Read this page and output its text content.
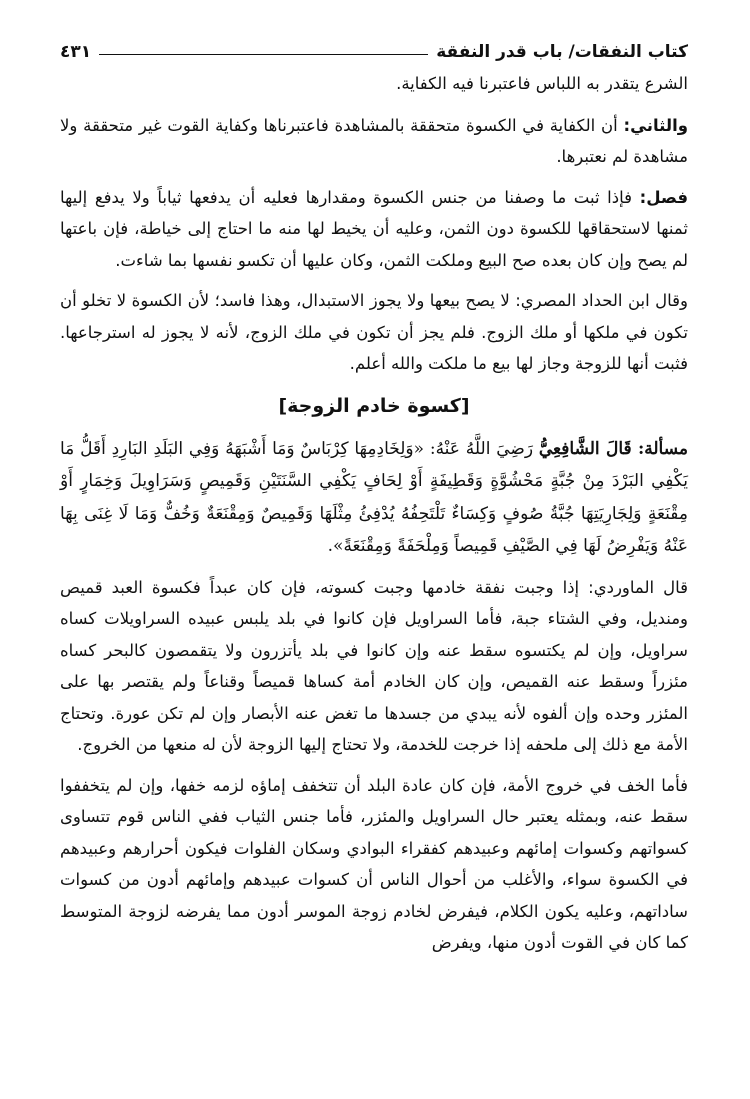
كتاب النفقات/ باب قدر النفقة
٤٣١

الشرع يتقدر به اللباس فاعتبرنا فيه الكفاية.

والثاني: أن الكفاية في الكسوة متحققة بالمشاهدة فاعتبرناها وكفاية القوت غير متحققة ولا مشاهدة لم نعتبرها.

فصل: فإذا ثبت ما وصفنا من جنس الكسوة ومقدارها فعليه أن يدفعها ثياباً ولا يدفع إليها ثمنها لاستحقاقها للكسوة دون الثمن، وعليه أن يخيط لها منه ما احتاج إلى خياطة، فإن باعتها لم يصح وإن كان بعده صح البيع وملكت الثمن، وكان عليها أن تكسو نفسها بما شاءت.

وقال ابن الحداد المصري: لا يصح بيعها ولا يجوز الاستبدال، وهذا فاسد؛ لأن الكسوة لا تخلو أن تكون في ملكها أو ملك الزوج. فلم يجز أن تكون في ملك الزوج، لأنه لا يجوز له استرجاعها. فثبت أنها للزوجة وجاز لها بيع ما ملكت والله أعلم.

[كسوة خادم الزوجة]

مسألة: قَالَ الشَّافِعِيُّ رَضِيَ اللَّهُ عَنْهُ: «وَلِخَادِمِهَا كِرْبَاسٌ وَمَا أَشْبَهَهُ وَفِي البَلَدِ البَارِدِ أَقَلُّ مَا يَكْفِي البَرْدَ مِنْ جُبَّةٍ مَحْشُوَّةٍ وَقَطِيفَةٍ أَوْ لِحَافٍ يَكْفِي السَّنَتَيْنِ وَقَمِيصٍ وَسَرَاوِيلَ وَخِمَارٍ أَوْ مِقْنَعَةٍ وَلِجَارِيَتِهَا جُبَّةُ صُوفٍ وَكِسَاءٌ تَلْتَحِفُهُ يُدْفِئُ مِثْلَهَا وَقَمِيصٌ وَمِقْنَعَةٌ وَخُفٌّ وَمَا لَا غِنَى بِهَا عَنْهُ وَيَفْرِضُ لَهَا فِي الصَّيْفِ قَمِيصاً وَمِلْحَفَةً وَمِقْنَعَةً».

قال الماوردي: إذا وجبت نفقة خادمها وجبت كسوته، فإن كان عبداً فكسوة العبد قميص ومنديل، وفي الشتاء جبة، فأما السراويل فإن كانوا في بلد يلبس عبيده السراويلات كساه سراويل، وإن لم يكتسوه سقط عنه وإن كانوا في بلد يأتزرون ولا يتقمصون كالبحر كساه مئزراً وسقط عنه القميص، وإن كان الخادم أمة كساها قميصاً وقناعاً ولم يقتصر بها على المئزر وحده وإن ألفوه لأنه يبدي من جسدها ما تغض عنه الأبصار وإن لم تكن عورة. وتحتاج الأمة مع ذلك إلى ملحفه إذا خرجت للخدمة، ولا تحتاج إليها الزوجة لأن له منعها من الخروج.

فأما الخف في خروج الأمة، فإن كان عادة البلد أن تتخفف إماؤه لزمه خفها، وإن لم يتخففوا سقط عنه، وبمثله يعتبر حال السراويل والمئزر، فأما جنس الثياب ففي الناس قوم تتساوى كسواتهم وكسوات إمائهم وعبيدهم كفقراء البوادي وسكان الفلوات فيكون أحرارهم وعبيدهم في الكسوة سواء، والأغلب من أحوال الناس أن كسوات عبيدهم وإمائهم أدون من كسوات ساداتهم، وعليه يكون الكلام، فيفرض لخادم زوجة الموسر أدون مما يفرضه لزوجة المتوسط كما كان في القوت أدون منها، ويفرض
